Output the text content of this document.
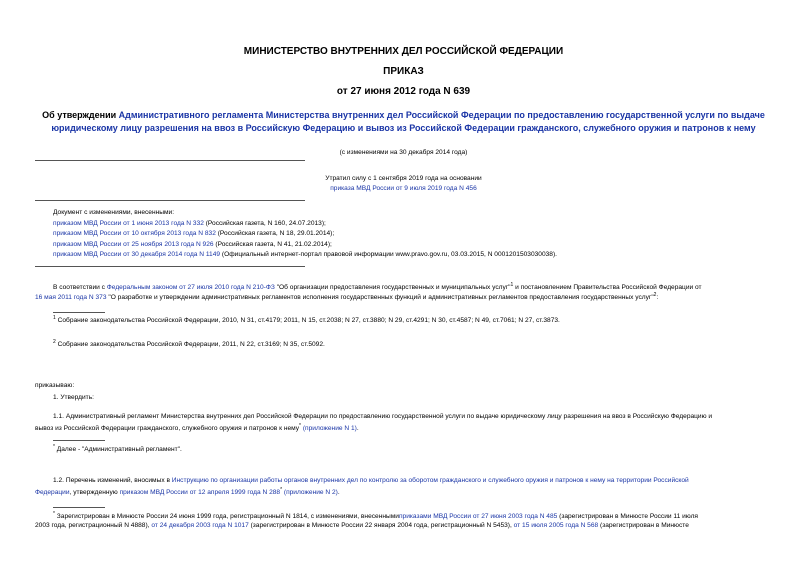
МИНИСТЕРСТВО ВНУТРЕННИХ ДЕЛ РОССИЙСКОЙ ФЕДЕРАЦИИ
ПРИКАЗ
от 27 июня 2012 года N 639
Об утверждении Административного регламента Министерства внутренних дел Российской Федерации по предоставлению государственной услуги по выдаче
юридическому лицу разрешения на ввоз в Российскую Федерацию и вывоз из Российской Федерации гражданского, служебного оружия и патронов к нему
(с изменениями на 30 декабря 2014 года)
Утратил силу с 1 сентября 2019 года на основании
приказа МВД России от 9 июля 2019 года N 456
Документ с изменениями, внесенными:
приказом МВД России от 1 июня 2013 года N 332 (Российская газета, N 160, 24.07.2013);
приказом МВД России от 10 октября 2013 года N 832 (Российская газета, N 18, 29.01.2014);
приказом МВД России от 25 ноября 2013 года N 926 (Российская газета, N 41, 21.02.2014);
приказом МВД России от 30 декабря 2014 года N 1149 (Официальный интернет-портал правовой информации www.pravo.gov.ru, 03.03.2015, N 0001201503030038).
В соответствии с Федеральным законом от 27 июля 2010 года N 210-ФЗ "Об организации предоставления государственных и муниципальных услуг"$^1$ и постановлением Правительства Российской Федерации от
16 мая 2011 года N 373 "О разработке и утверждении административных регламентов исполнения государственных функций и административных регламентов предоставления государственных услуг"$^2$:
$^1$ Собрание законодательства Российской Федерации, 2010, N 31, ст.4179; 2011, N 15, ст.2038; N 27, ст.3880; N 29, ст.4291; N 30, ст.4587; N 49, ст.7061; N 27, ст.3873.
$^2$ Собрание законодательства Российской Федерации, 2011, N 22, ст.3169; N 35, ст.5092.
приказываю:
1. Утвердить:
1.1. Административный регламент Министерства внутренних дел Российской Федерации по предоставлению государственной услуги по выдаче юридическому лицу разрешения на ввоз в Российскую Федерацию и
вывоз из Российской Федерации гражданского, служебного оружия и патронов к нему* (приложение N 1).
* Далее - "Административный регламент".
1.2. Перечень изменений, вносимых в Инструкцию по организации работы органов внутренних дел по контролю за оборотом гражданского и служебного оружия и патронов к нему на территории Российской
Федерации, утвержденную приказом МВД России от 12 апреля 1999 года N 288* (приложение N 2).
* Зарегистрирован в Минюсте России 24 июня 1999 года, регистрационный N 1814, с изменениями, внесеннымиприказами МВД России от 27 июня 2003 года N 485 (зарегистрирован в Минюсте России 11 июля
2003 года, регистрационный N 4888), от 24 декабря 2003 года N 1017 (зарегистрирован в Минюсте России 22 января 2004 года, регистрационный N 5453), от 15 июля 2005 года N 568 (зарегистрирован в Минюсте
